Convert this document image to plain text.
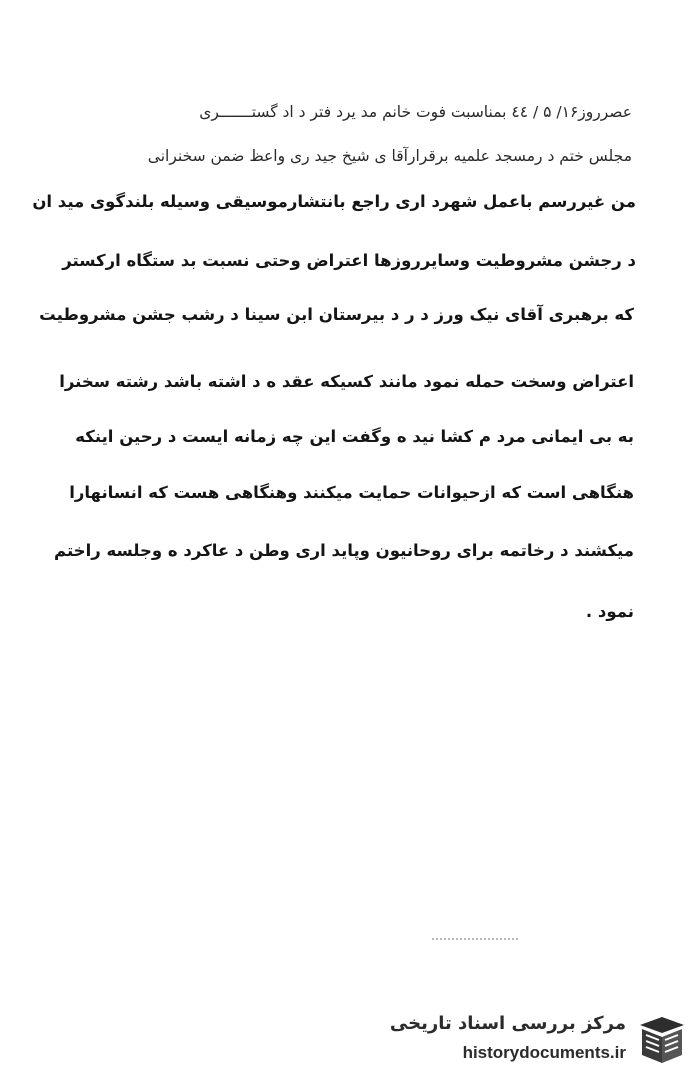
عصرروز۱۶/ ۵ / ٤٤ بمناسبت فوت خانم مد یرد فتر د اد گستـــــــری
مجلس ختم د رمسجد علمیه برقرارآقا ی شیخ جید ری واعظ ضمن سخنرانی
من غیررسم باعمل شهرد اری راجع بانتشارموسیقی وسیله بلندگوی مید ان
د رجشن مشروطیت وسایرروزها اعتراض وحتی نسبت بد ستگاه ارکستر
که برهبری آقای نیک ورز د ر د بیرستان ابن سینا د رشب جشن مشروطیت
اعتراض وسخت حمله نمود مانند کسیکه عقد ه د اشته باشد رشته سخنرا
به بی ایمانی مرد م کشا نید ه وگفت این چه زمانه ایست د رحین اینکه
هنگاهی است که ازحیوانات حمایت میکنند وهنگاهی هست که انسانهارا
میکشند د رخاتمه برای روحانیون وپاید اری وطن د عاکرد ه وجلسه راختم
نمود .
مرکز بررسی اسناد تاریخی
historydocuments.ir
